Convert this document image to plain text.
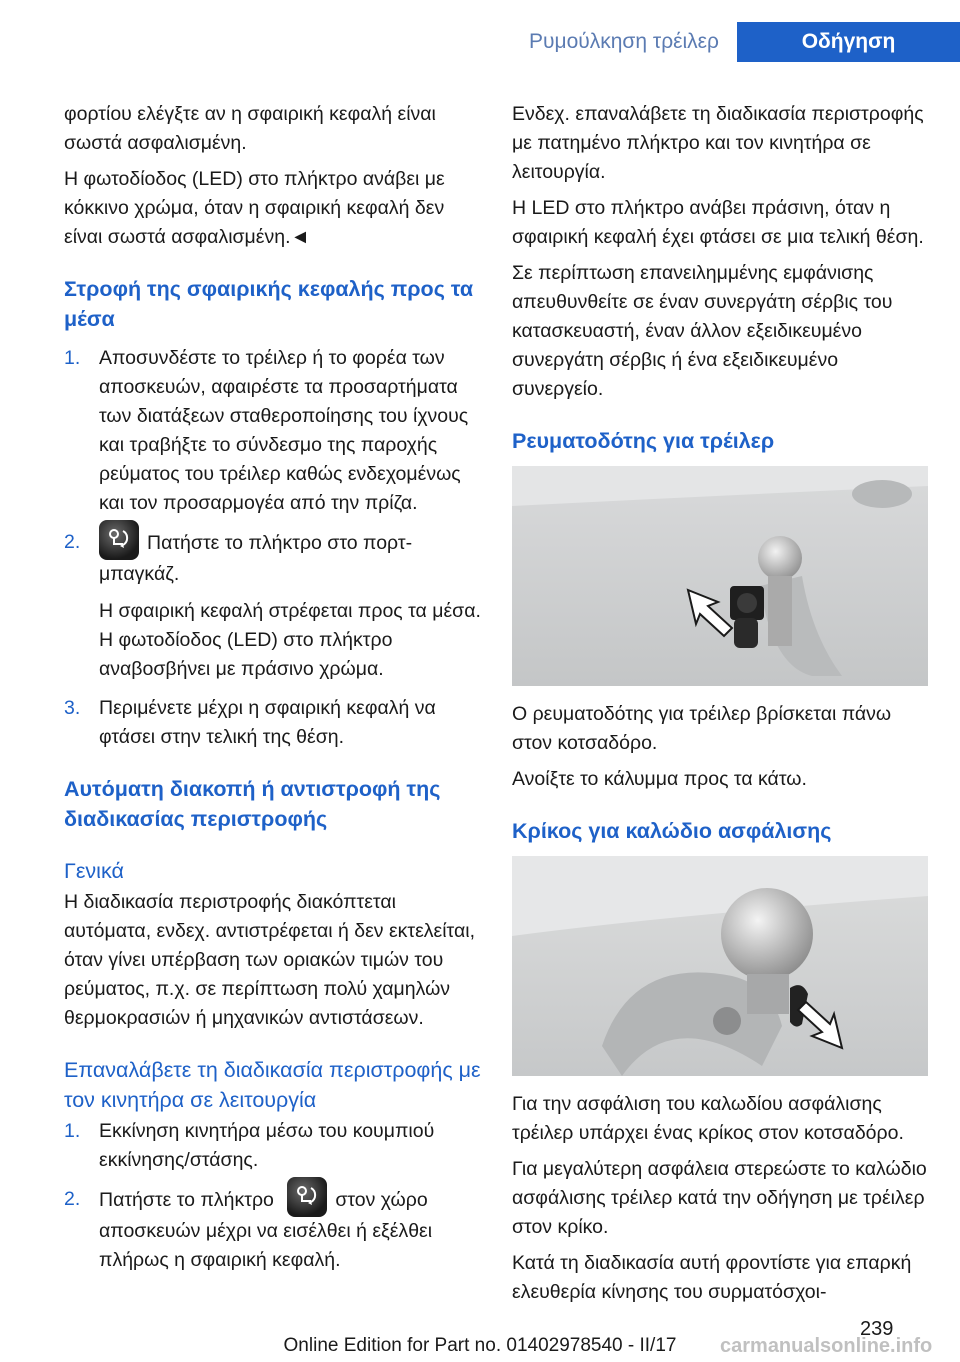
Ρυμούλκηση τρέιλερ	Οδήγηση

φορτίου ελέγξτε αν η σφαιρική κεφαλή είναι σωστά ασφαλισμένη.

Η φωτοδίοδος (LED) στο πλήκτρο ανάβει με κόκκινο χρώμα, όταν η σφαιρική κεφαλή δεν είναι σωστά ασφαλισμένη.◄

Στροφή της σφαιρικής κεφαλής προς τα μέσα
1. Αποσυνδέστε το τρέιλερ ή το φορέα των αποσκευών, αφαιρέστε τα προσαρτήματα των διατάξεων σταθεροποίησης του ίχνους και τραβήξτε το σύνδεσμο της παροχής ρεύματος του τρέιλερ καθώς ενδεχομένως και τον προσαρμογέα από την πρίζα.
2.	Πατήστε το πλήκτρο στο πορτ-μπαγκάζ.
Η σφαιρική κεφαλή στρέφεται προς τα μέσα. Η φωτοδίοδος (LED) στο πλήκτρο αναβοσβήνει με πράσινο χρώμα.
3. Περιμένετε μέχρι η σφαιρική κεφαλή να φτάσει στην τελική της θέση.
Αυτόματη διακοπή ή αντιστροφή της διαδικασίας περιστροφής
Γενικά

Η διαδικασία περιστροφής διακόπτεται αυτόματα, ενδεχ. αντιστρέφεται ή δεν εκτελείται, όταν γίνει υπέρβαση των οριακών τιμών του ρεύματος, π.χ. σε περίπτωση πολύ χαμηλών θερμοκρασιών ή μηχανικών αντιστάσεων.

Επαναλάβετε τη διαδικασία περιστροφής με τον κινητήρα σε λειτουργία
1. Εκκίνηση κινητήρα μέσω του κουμπιού εκκίνησης/στάσης.
2. Πατήστε το πλήκτρο	στον χώρο αποσκευών μέχρι να εισέλθει ή εξέλθει πλήρως η σφαιρική κεφαλή.

Ενδεχ. επαναλάβετε τη διαδικασία περιστροφής με πατημένο πλήκτρο και τον κινητήρα σε λειτουργία.

Η LED στο πλήκτρο ανάβει πράσινη, όταν η σφαιρική κεφαλή έχει φτάσει σε μια τελική θέση.

Σε περίπτωση επανειλημμένης εμφάνισης απευθυνθείτε σε έναν συνεργάτη σέρβις του κατασκευαστή, έναν άλλον εξειδικευμένο συνεργάτη σέρβις ή ένα εξειδικευμένο συνεργείο.

Ρευματοδότης για τρέιλερ

Ο ρευματοδότης για τρέιλερ βρίσκεται πάνω στον κοτσαδόρο.

Ανοίξτε το κάλυμμα προς τα κάτω.

Κρίκος για καλώδιο ασφάλισης

Για την ασφάλιση του καλωδίου ασφάλισης τρέιλερ υπάρχει ένας κρίκος στον κοτσαδόρο.

Για μεγαλύτερη ασφάλεια στερεώστε το καλώδιο ασφάλισης τρέιλερ κατά την οδήγηση με τρέιλερ στον κρίκο.

Κατά τη διαδικασία αυτή φροντίστε για επαρκή ελευθερία κίνησης του συρματόσχοι-

239
Online Edition for Part no. 01402978540 - II/17	carmanualsonline.info
